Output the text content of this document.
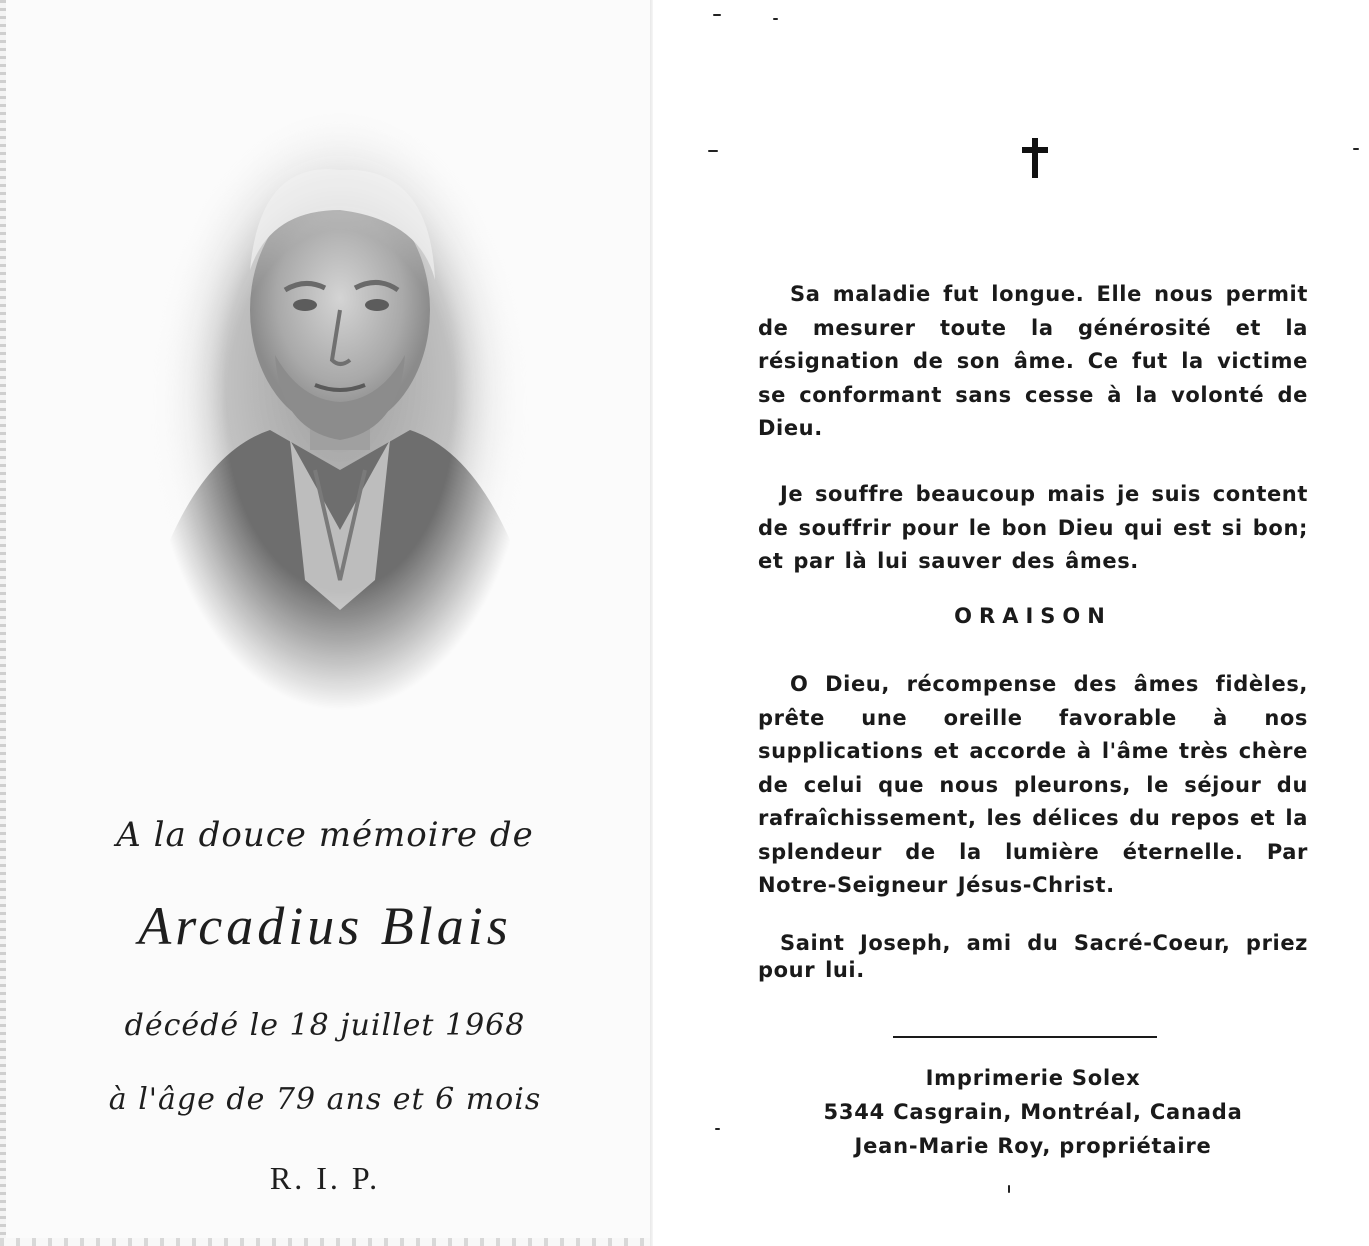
A la douce mémoire de
Arcadius Blais
décédé le 18 juillet 1968
à l'âge de 79 ans et 6 mois
R. I. P.
Sa maladie fut longue. Elle nous permit de mesurer toute la générosité et la résignation de son âme. Ce fut la victime se conformant sans cesse à la volonté de Dieu.
Je souffre beaucoup mais je suis content de souffrir pour le bon Dieu qui est si bon; et par là lui sauver des âmes.
ORAISON
O Dieu, récompense des âmes fidèles, prête une oreille favorable à nos supplications et accorde à l'âme très chère de celui que nous pleurons, le séjour du rafraîchissement, les délices du repos et la splendeur de la lumière éternelle. Par Notre-Seigneur Jésus-Christ.
Saint Joseph, ami du Sacré-Coeur, priez pour lui.
Imprimerie Solex
5344 Casgrain, Montréal, Canada
Jean-Marie Roy, propriétaire
